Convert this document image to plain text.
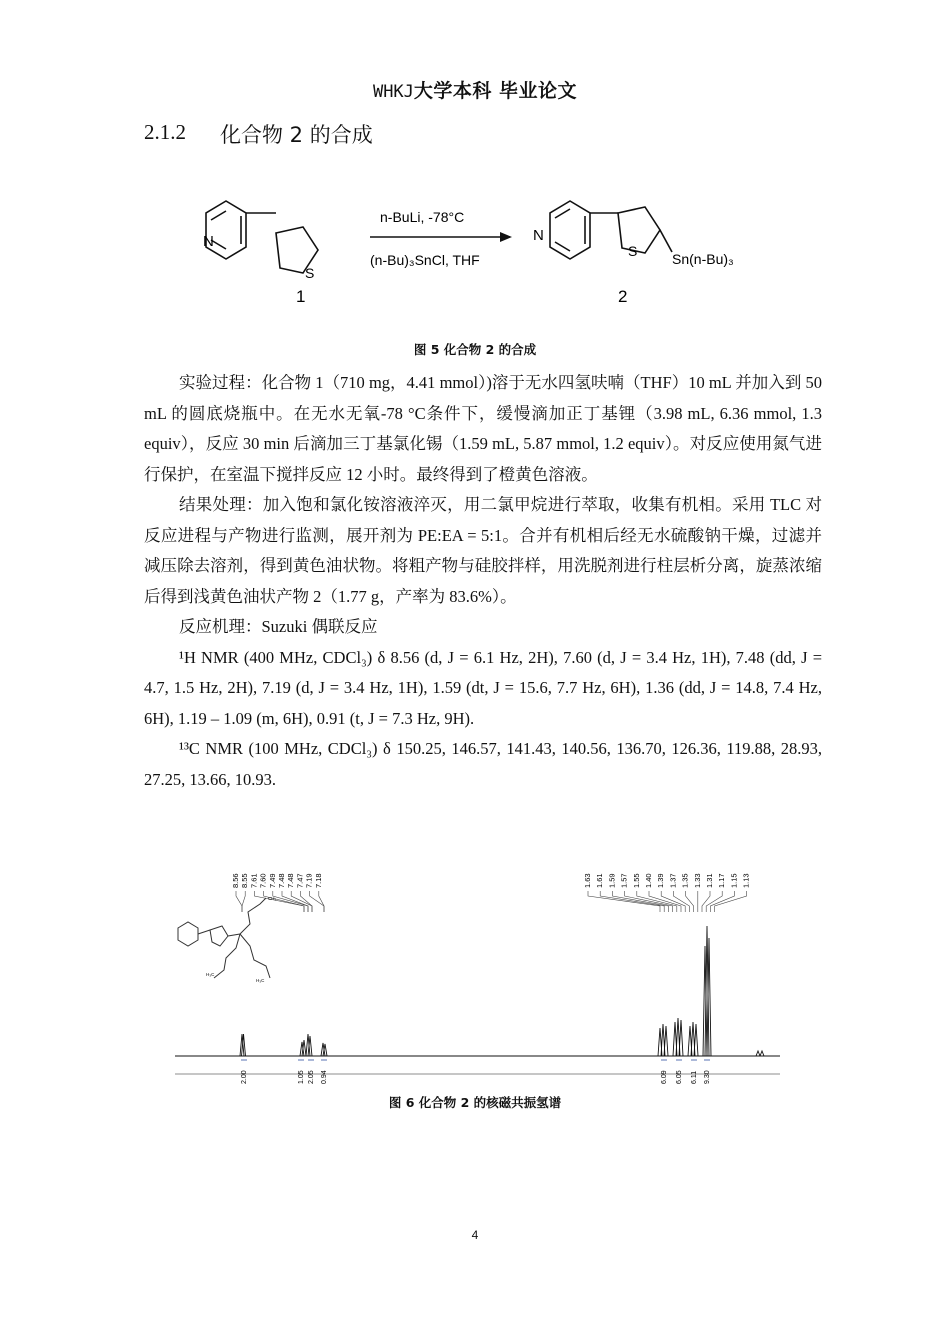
WHKJ大学本科 毕业论文
2.1.2 化合物 2 的合成
N
S
1
n-BuLi, -78°C
(n-Bu)₃SnCl, THF
N
S Sn(n-Bu)₃
2
图 5 化合物 2 的合成

实验过程：化合物 1（710 mg，4.41 mmol）)溶于无水四氢呋喃（THF）10 mL 并加入到 50 mL 的圆底烧瓶中。在无水无氧-78 °C条件下，缓慢滴加正丁基锂（3.98 mL, 6.36 mmol, 1.3 equiv），反应 30 min 后滴加三丁基氯化锡（1.59 mL, 5.87 mmol, 1.2 equiv）。对反应使用氮气进行保护，在室温下搅拌反应 12 小时。最终得到了橙黄色溶液。

结果处理：加入饱和氯化铵溶液淬灭，用二氯甲烷进行萃取，收集有机相。采用 TLC 对反应进程与产物进行监测，展开剂为 PE:EA = 5:1。合并有机相后经无水硫酸钠干燥，过滤并减压除去溶剂，得到黄色油状物。将粗产物与硅胶拌样，用洗脱剂进行柱层析分离，旋蒸浓缩后得到浅黄色油状产物 2（1.77 g，产率为 83.6%）。

反应机理：Suzuki 偶联反应

¹H NMR (400 MHz, CDCl₃) δ 8.56 (d, J = 6.1 Hz, 2H), 7.60 (d, J = 3.4 Hz, 1H), 7.48 (dd, J = 4.7, 1.5 Hz, 2H), 7.19 (d, J = 3.4 Hz, 1H), 1.59 (dt, J = 15.6, 7.7 Hz, 6H), 1.36 (dd, J = 14.8, 7.4 Hz, 6H), 1.19 – 1.09 (m, 6H), 0.91 (t, J = 7.3 Hz, 9H).

¹³C NMR (100 MHz, CDCl₃) δ 150.25, 146.57, 141.43, 140.56, 136.70, 126.36, 119.88, 28.93, 27.25, 13.66, 10.93.

8.56 8.55 7.61 7.60 7.49 7.48 7.48 7.47 7.19 7.18	1.63 1.61 1.59 1.57 1.55 1.40 1.39 1.37 1.35 1.33 1.31 1.17 1.15 1.13
CH₃
H₃C
H₃C
2.00	1.05 2.05 0.94	6.09 6.05 6.11 9.30
图 6 化合物 2 的核磁共振氢谱
4
